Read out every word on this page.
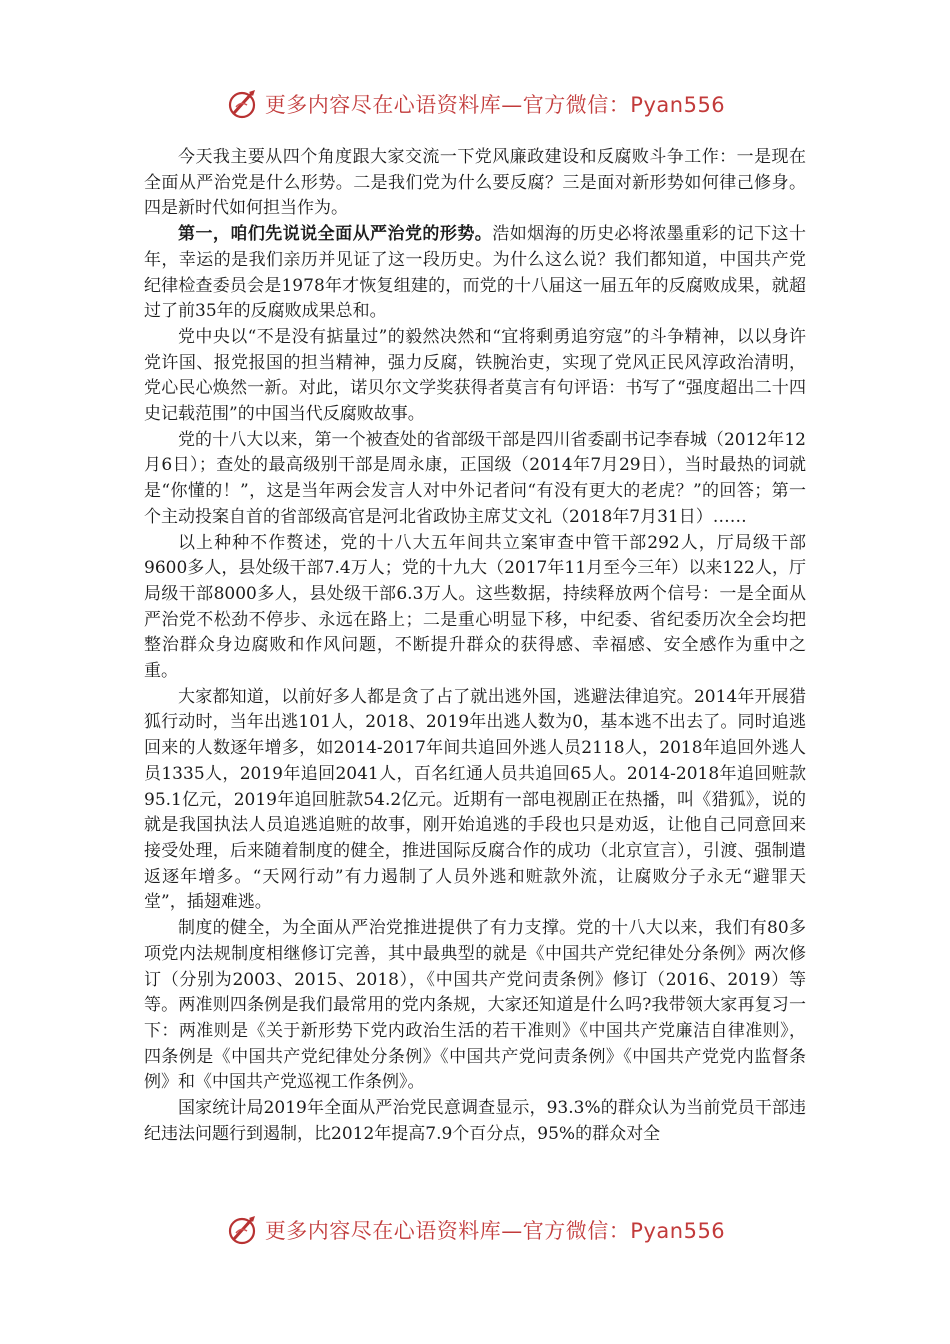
更多内容尽在心语资料库—官方微信：Pyan556

今天我主要从四个角度跟大家交流一下党风廉政建设和反腐败斗争工作：一是现在全面从严治党是什么形势。二是我们党为什么要反腐？三是面对新形势如何律己修身。四是新时代如何担当作为。

第一，咱们先说说全面从严治党的形势。浩如烟海的历史必将浓墨重彩的记下这十年，幸运的是我们亲历并见证了这一段历史。为什么这么说？我们都知道，中国共产党纪律检查委员会是1978年才恢复组建的，而党的十八届这一届五年的反腐败成果，就超过了前35年的反腐败成果总和。

党中央以“不是没有掂量过”的毅然决然和“宜将剩勇追穷寇”的斗争精神，以以身许党许国、报党报国的担当精神，强力反腐，铁腕治吏，实现了党风正民风淳政治清明，党心民心焕然一新。对此，诺贝尔文学奖获得者莫言有句评语：书写了“强度超出二十四史记载范围”的中国当代反腐败故事。

党的十八大以来，第一个被查处的省部级干部是四川省委副书记李春城（2012年12月6日）；查处的最高级别干部是周永康，正国级（2014年7月29日），当时最热的词就是“你懂的！”，这是当年两会发言人对中外记者问“有没有更大的老虎？”的回答；第一个主动投案自首的省部级高官是河北省政协主席艾文礼（2018年7月31日）……

以上种种不作赘述，党的十八大五年间共立案审查中管干部292人，厅局级干部9600多人，县处级干部7.4万人；党的十九大（2017年11月至今三年）以来122人，厅局级干部8000多人，县处级干部6.3万人。这些数据，持续释放两个信号：一是全面从严治党不松劲不停步、永远在路上；二是重心明显下移，中纪委、省纪委历次全会均把整治群众身边腐败和作风问题，不断提升群众的获得感、幸福感、安全感作为重中之重。

大家都知道，以前好多人都是贪了占了就出逃外国，逃避法律追究。2014年开展猎狐行动时，当年出逃101人，2018、2019年出逃人数为0，基本逃不出去了。同时追逃回来的人数逐年增多，如2014-2017年间共追回外逃人员2118人，2018年追回外逃人员1335人，2019年追回2041人，百名红通人员共追回65人。2014-2018年追回赃款95.1亿元，2019年追回脏款54.2亿元。近期有一部电视剧正在热播，叫《猎狐》，说的就是我国执法人员追逃追赃的故事，刚开始追逃的手段也只是劝返，让他自己同意回来接受处理，后来随着制度的健全，推进国际反腐合作的成功（北京宣言），引渡、强制遣返逐年增多。“天网行动”有力遏制了人员外逃和赃款外流，让腐败分子永无“避罪天堂”，插翅难逃。

制度的健全，为全面从严治党推进提供了有力支撑。党的十八大以来，我们有80多项党内法规制度相继修订完善，其中最典型的就是《中国共产党纪律处分条例》两次修订（分别为2003、2015、2018），《中国共产党问责条例》修订（2016、2019）等等。两准则四条例是我们最常用的党内条规，大家还知道是什么吗?我带领大家再复习一下：两准则是《关于新形势下党内政治生活的若干准则》《中国共产党廉洁自律准则》，四条例是《中国共产党纪律处分条例》《中国共产党问责条例》《中国共产党党内监督条例》和《中国共产党巡视工作条例》。

国家统计局2019年全面从严治党民意调查显示，93.3%的群众认为当前党员干部违纪违法问题行到遏制，比2012年提高7.9个百分点，95%的群众对全

更多内容尽在心语资料库—官方微信：Pyan556
